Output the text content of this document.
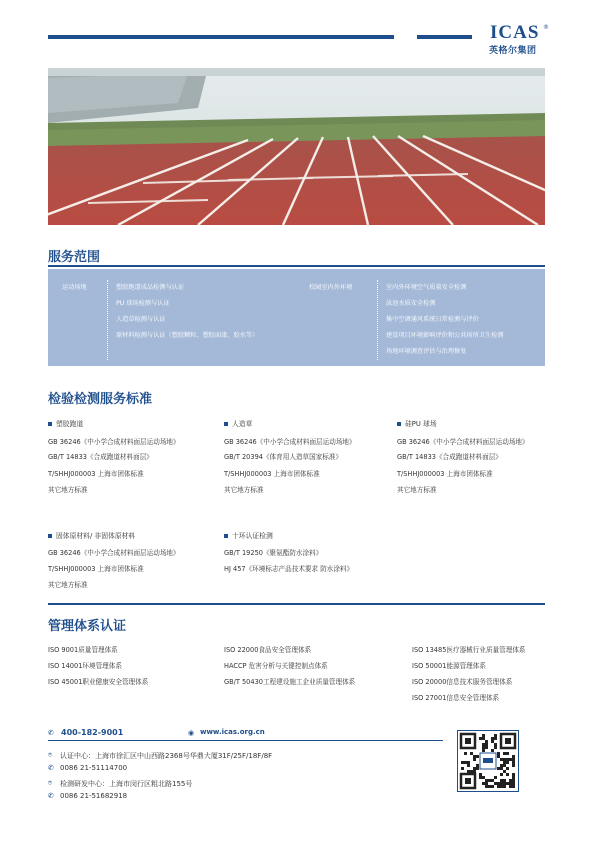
ICAS ®
英格尔集团
服务范围
运动场地	塑胶跑道成品检测与认证
PU 球场检测与认证
人造草检测与认证
原材料检测与认证（塑胶颗粒、塑胶面漆、胶水等）
校园室内外环境	室内外环境空气质量安全检测
泳池水质安全检测
集中空调通风系统日常检测与评价
建设项目环境影响评价和公共场所卫生检测
场地环境调查评估与治理修复
检验检测服务标准
塑胶跑道
GB 36246《中小学合成材料面层运动场地》
GB/T 14833《合成跑道材料面层》
T/SHHJ000003 上海市团体标准
其它地方标准
人造草
GB 36246《中小学合成材料面层运动场地》
GB/T 20394《体育用人造草国家标准》
T/SHHJ000003 上海市团体标准
其它地方标准
硅PU 球场
GB 36246《中小学合成材料面层运动场地》
GB/T 14833《合成跑道材料面层》
T/SHHJ000003 上海市团体标准
其它地方标准
固体原材料/ 非固体原材料
GB 36246《中小学合成材料面层运动场地》
T/SHHJ000003 上海市团体标准
其它地方标准
十环认证检测
GB/T 19250《聚氨酯防水涂料》
HJ 457《环境标志产品技术要求 防水涂料》
管理体系认证
ISO 9001质量管理体系
ISO 14001环境管理体系
ISO 45001职业健康安全管理体系
ISO 22000食品安全管理体系
HACCP 危害分析与关键控制点体系
GB/T 50430工程建设施工企业质量管理体系
ISO 13485医疗器械行业质量管理体系
ISO 50001能源管理体系
ISO 20000信息技术服务管理体系
ISO 27001信息安全管理体系
✆ 400-182-9001	◉ www.icas.org.cn
⌾ 认证中心：上海市徐汇区中山西路2368号华鼎大厦31F/25F/18F/8F
✆ 0086 21-51114700
⌾ 检测研发中心：上海市闵行区粗北路155号
✆ 0086 21-51682918
